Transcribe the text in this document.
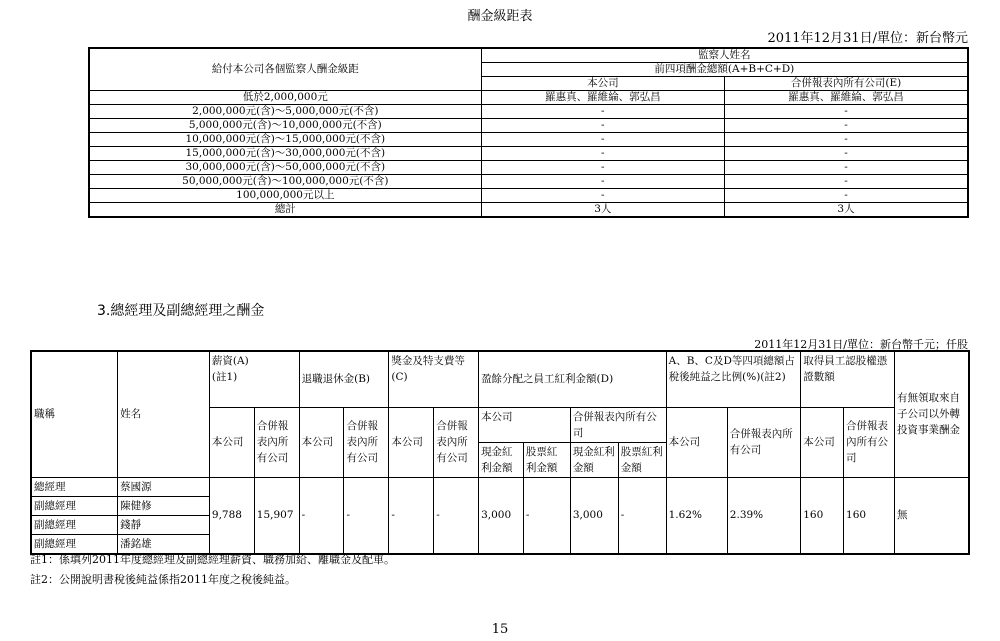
酬金級距表
2011年12月31日/單位：新台幣元
給付本公司各個監察人酬金級距	監察人姓名	
	前四項酬金總額(A+B+C+D)	
	本公司	合併報表內所有公司(E)
低於2,000,000元	羅惠真、羅維綸、郭弘昌	羅惠真、羅維綸、郭弘昌
2,000,000元(含)～5,000,000元(不含)	-	-
5,000,000元(含)～10,000,000元(不含)	-	-
10,000,000元(含)～15,000,000元(不含)	-	-
15,000,000元(含)～30,000,000元(不含)	-	-
30,000,000元(含)～50,000,000元(不含)	-	-
50,000,000元(含)～100,000,000元(不含)	-	-
100,000,000元以上	-	-
總計	3人	3人
3.總經理及副總經理之酬金
2011年12月31日/單位：新台幣千元；仟股
職稱	姓名	薪資(A)
(註1)		退職退休金(B)		獎金及特支費等(C)		盈餘分配之員工紅利金額(D)				A、B、C及D等四項總額占稅後純益之比例(%)(註2)		取得員工認股權憑證數額		有無領取來自子公司以外轉投資事業酬金
		本公司	合併報表內所有公司	本公司	合併報表內所有公司	本公司	合併報表內所有公司	本公司		合併報表內所有公司		本公司	合併報表內所有公司	本公司	合併報表內所有公司	
								現金紅利金額	股票紅利金額	現金紅利金額	股票紅利金額					
總經理	蔡國源	9,788	15,907	-	-	-	-	3,000	-	3,000	-	1.62%	2.39%	160	160	無
副總經理	陳健修															
副總經理	錢靜															
副總經理	潘銘雄															
註1：係填列2011年度總經理及副總經理薪資、職務加給、離職金及配車。
註2：公開說明書稅後純益係指2011年度之稅後純益。
15
